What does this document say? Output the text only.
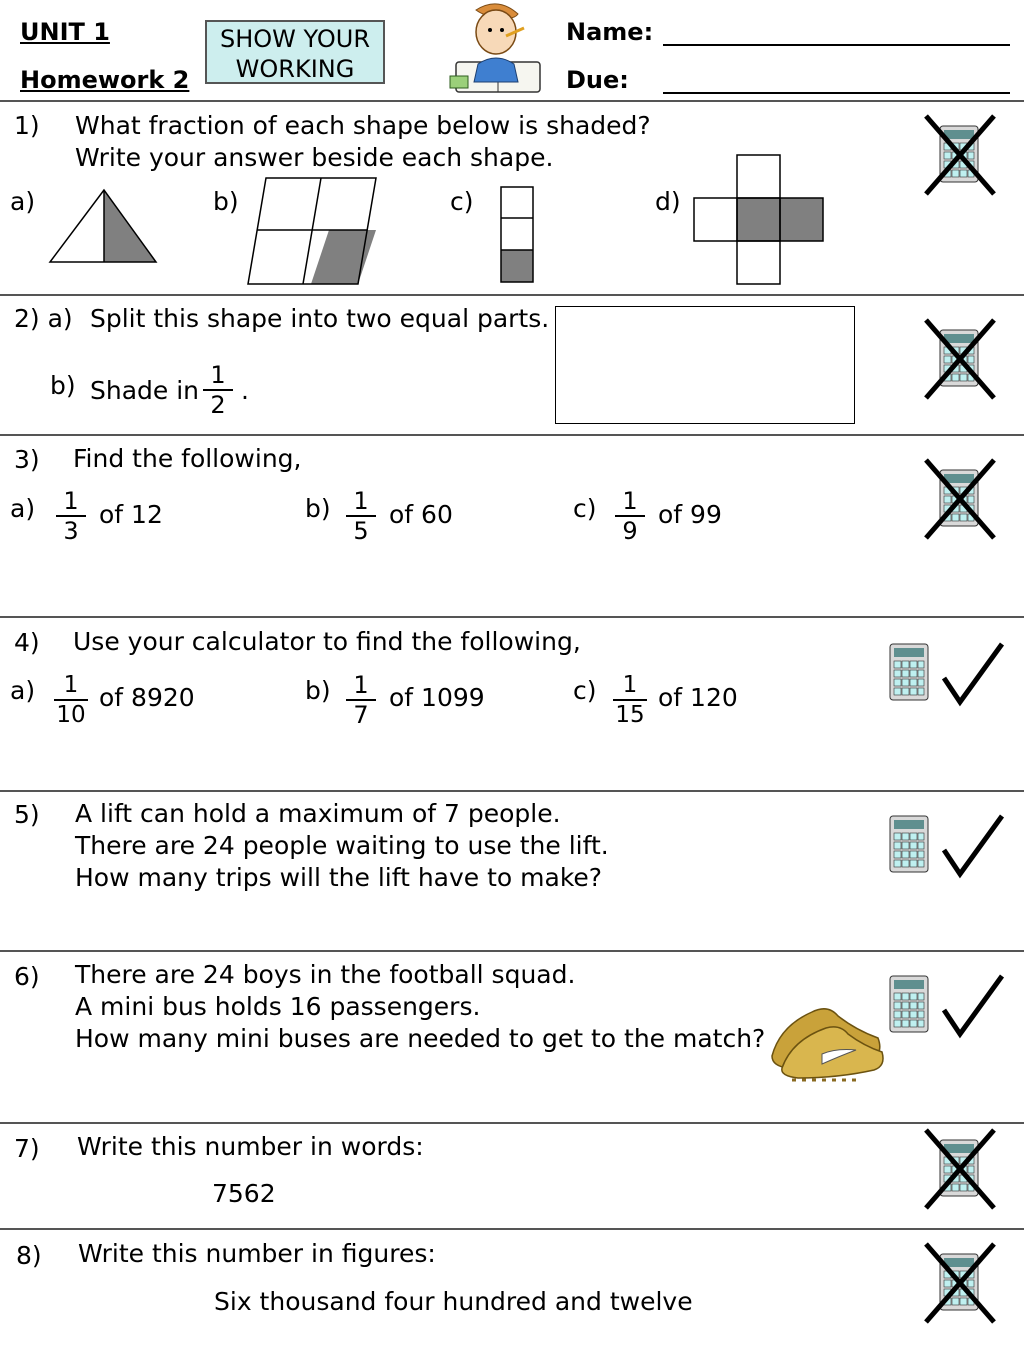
UNIT 1
Homework 2
SHOW YOUR WORKING
Name:
Due:
1) What fraction of each shape below is shaded?
Write your answer beside each shape.
a)	b)	c)	d)
2) a) Split this shape into two equal parts.
b) Shade in
1
2 .
3) Find the following,
a)	1
3
of 12	b) 1
5
of 60	c)	1
9
of 99
4) Use your calculator to find the following,
a)	1
10
of 8920	b) 1
7
of 1099	c)	1
15
of 120
5) A lift can hold a maximum of 7 people.
There are 24 people waiting to use the lift.
How many trips will the lift have to make?
6) There are 24 boys in the football squad.
A mini bus holds 16 passengers.
How many mini buses are needed to get to the match?
7) Write this number in words:
7562
8) Write this number in figures:
Six thousand four hundred and twelve
